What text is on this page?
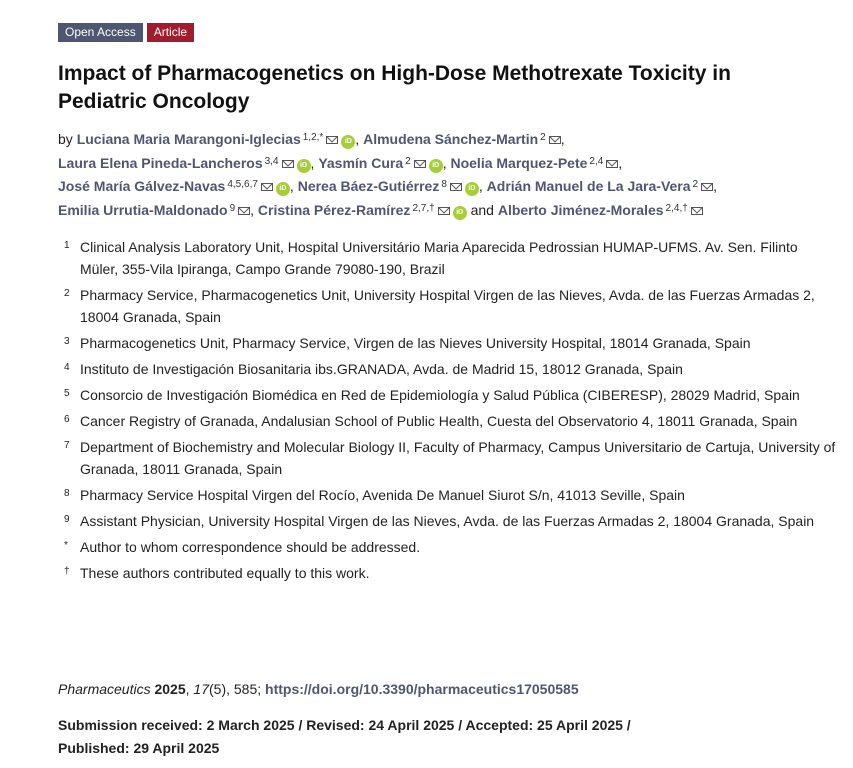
Open Access	Article
Impact of Pharmacogenetics on High-Dose Methotrexate Toxicity in Pediatric Oncology
by Luciana Maria Marangoni-Iglecias $^{1,2,*}$	iD , Almudena Sánchez-Martin $^2$ ,
Laura Elena Pineda-Lancheros $^{3,4}$	iD , Yasmín Cura $^2$	iD , Noelia Marquez-Pete $^{2,4}$ ,
José María Gálvez-Navas $^{4,5,6,7}$	iD , Nerea Báez-Gutiérrez $^8$	iD , Adrián Manuel de La Jara-Vera $^2$ ,
Emilia Urrutia-Maldonado $^9$ , Cristina Pérez-Ramírez $^{2,7,\dagger}$	iD and Alberto Jiménez-Morales $^{2,4,\dagger}$
1 Clinical Analysis Laboratory Unit, Hospital Universitário Maria Aparecida Pedrossian HUMAP-UFMS. Av. Sen. Filinto Müler, 355-Vila Ipiranga, Campo Grande 79080-190, Brazil
2 Pharmacy Service, Pharmacogenetics Unit, University Hospital Virgen de las Nieves, Avda. de las Fuerzas Armadas 2, 18004 Granada, Spain
3 Pharmacogenetics Unit, Pharmacy Service, Virgen de las Nieves University Hospital, 18014 Granada, Spain
4 Instituto de Investigación Biosanitaria ibs.GRANADA, Avda. de Madrid 15, 18012 Granada, Spain
5 Consorcio de Investigación Biomédica en Red de Epidemiología y Salud Pública (CIBERESP), 28029 Madrid, Spain
6 Cancer Registry of Granada, Andalusian School of Public Health, Cuesta del Observatorio 4, 18011 Granada, Spain
7 Department of Biochemistry and Molecular Biology II, Faculty of Pharmacy, Campus Universitario de Cartuja, University of Granada, 18011 Granada, Spain
8 Pharmacy Service Hospital Virgen del Rocío, Avenida De Manuel Siurot S/n, 41013 Seville, Spain
9 Assistant Physician, University Hospital Virgen de las Nieves, Avda. de las Fuerzas Armadas 2, 18004 Granada, Spain
* Author to whom correspondence should be addressed.
† These authors contributed equally to this work.
Pharmaceutics 2025, 17(5), 585; https://doi.org/10.3390/pharmaceutics17050585
Submission received: 2 March 2025 / Revised: 24 April 2025 / Accepted: 25 April 2025 / Published: 29 April 2025
